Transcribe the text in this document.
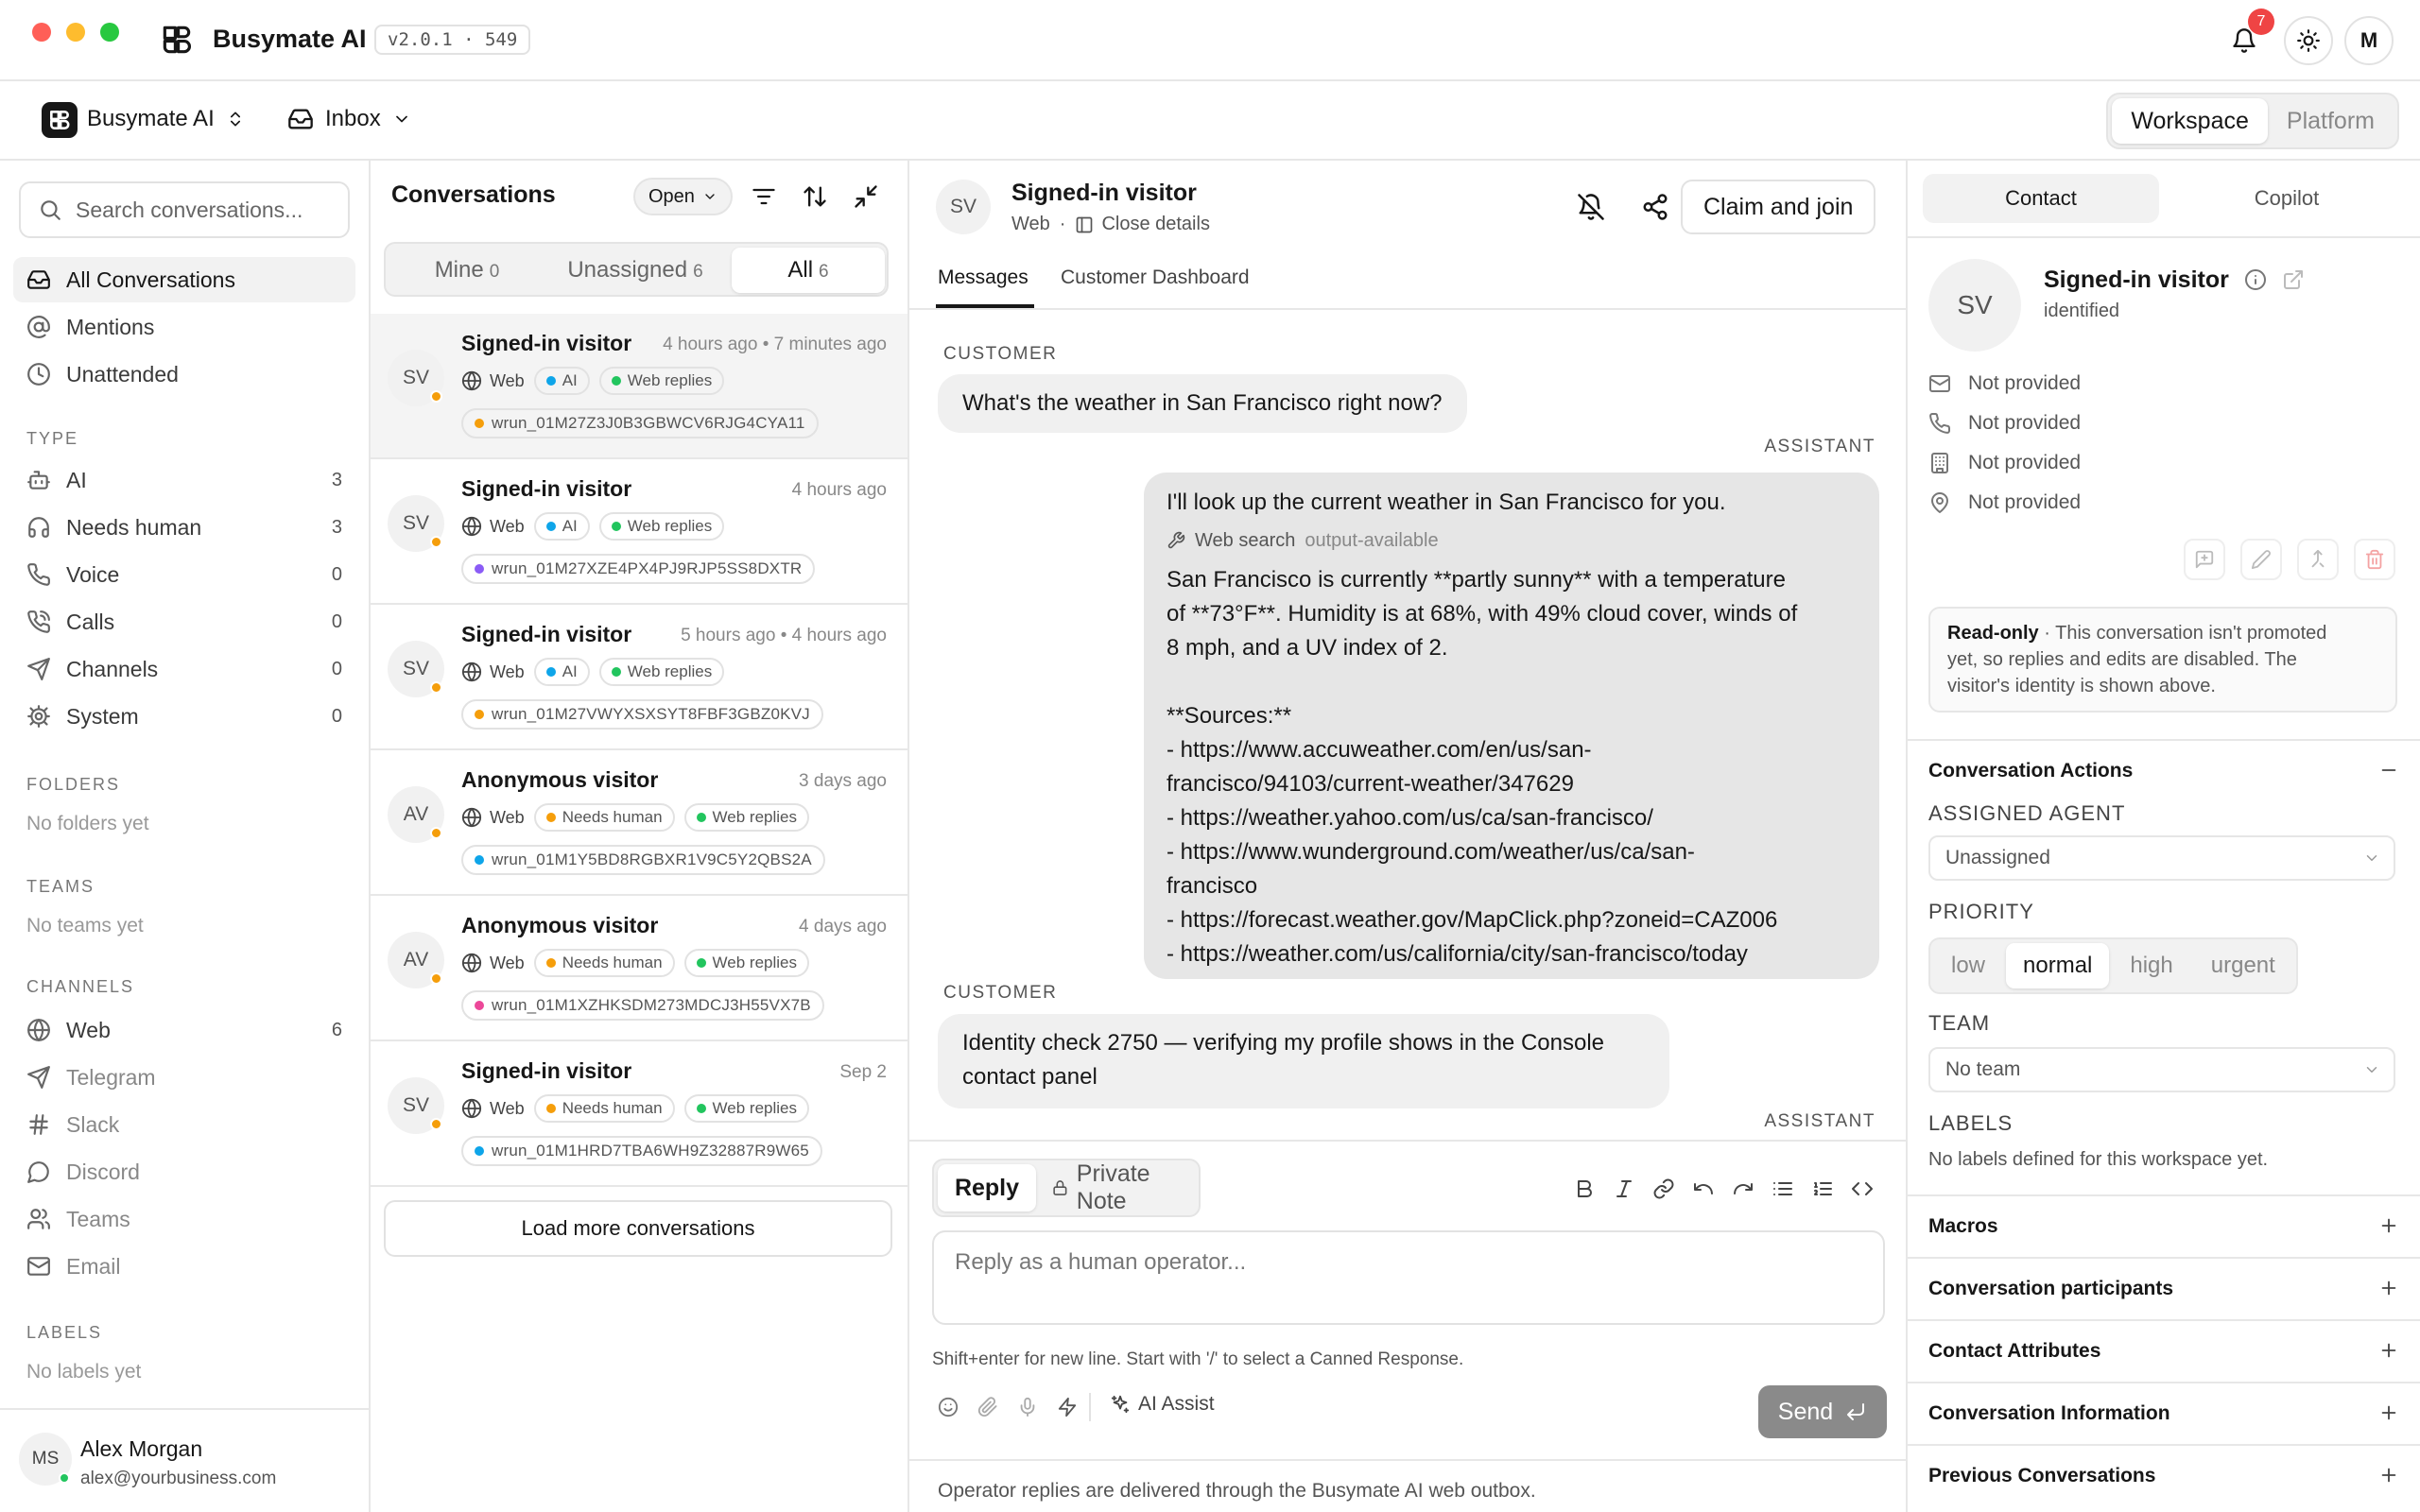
Busymate AI	v2.0.1 · 549
7
M
Busymate AI	Inbox	Workspace	Platform
Search conversations...
All Conversations
Mentions
Unattended
TYPE
AI	3
Needs human	3
Voice	0
Calls	0
Channels	0
System	0
FOLDERS
No folders yet
TEAMS
No teams yet
CHANNELS
Web	6
Telegram
Slack
Discord
Teams
Email
LABELS
No labels yet
MS Alex Morgan
alex@yourbusiness.com
Conversations	Open
Mine 0	Unassigned 6	All 6
SV
Signed-in visitor 4 hours ago • 7 minutes ago
Web AI	Web replies
wrun_01M27Z3J0B3GBWCV6RJG4CYA11
SV
Signed-in visitor	4 hours ago
Web AI	Web replies
wrun_01M27XZE4PX4PJ9RJP5SS8DXTR
SV
Signed-in visitor	5 hours ago • 4 hours ago
Web AI	Web replies
wrun_01M27VWYXSXSYT8FBF3GBZ0KVJ
AV
Anonymous visitor	3 days ago
Web Needs human	Web replies
wrun_01M1Y5BD8RGBXR1V9C5Y2QBS2A
AV
Anonymous visitor	4 days ago
Web Needs human	Web replies
wrun_01M1XZHKSDM273MDCJ3H55VX7B
SV
Signed-in visitor	Sep 2
Web Needs human	Web replies
wrun_01M1HRD7TBA6WH9Z32887R9W65
Load more conversations
SV
Signed-in visitor
Web · Close details
Claim and join
Messages Customer Dashboard
CUSTOMER
What's the weather in San Francisco right now?
ASSISTANT
I'll look up the current weather in San Francisco for you.
Web search output-available
San Francisco is currently **partly sunny** with a temperature
of **73°F**. Humidity is at 68%, with 49% cloud cover, winds of
8 mph, and a UV index of 2.
**Sources:**
- https://www.accuweather.com/en/us/san-
francisco/94103/current-weather/347629
- https://weather.yahoo.com/us/ca/san-francisco/
- https://www.wunderground.com/weather/us/ca/san-
francisco
- https://forecast.weather.gov/MapClick.php?zoneid=CAZ006
- https://weather.com/us/california/city/san-francisco/today
CUSTOMER
Identity check 2750 — verifying my profile shows in the Console
contact panel
ASSISTANT
Reply
Private Note
Reply as a human operator...
Shift+enter for new line. Start with '/' to select a Canned Response.
AI Assist	Send
Operator replies are delivered through the Busymate AI web outbox.
Contact	Copilot
SV
Signed-in visitor
identified
Not provided
Not provided
Not provided
Not provided
Read-only · This conversation isn't promoted
yet, so replies and edits are disabled. The
visitor's identity is shown above.
Conversation Actions
ASSIGNED AGENT
Unassigned
PRIORITY
low	normal	high	urgent
TEAM
No team
LABELS
No labels defined for this workspace yet.
Macros
Conversation participants
Contact Attributes
Conversation Information
Previous Conversations
